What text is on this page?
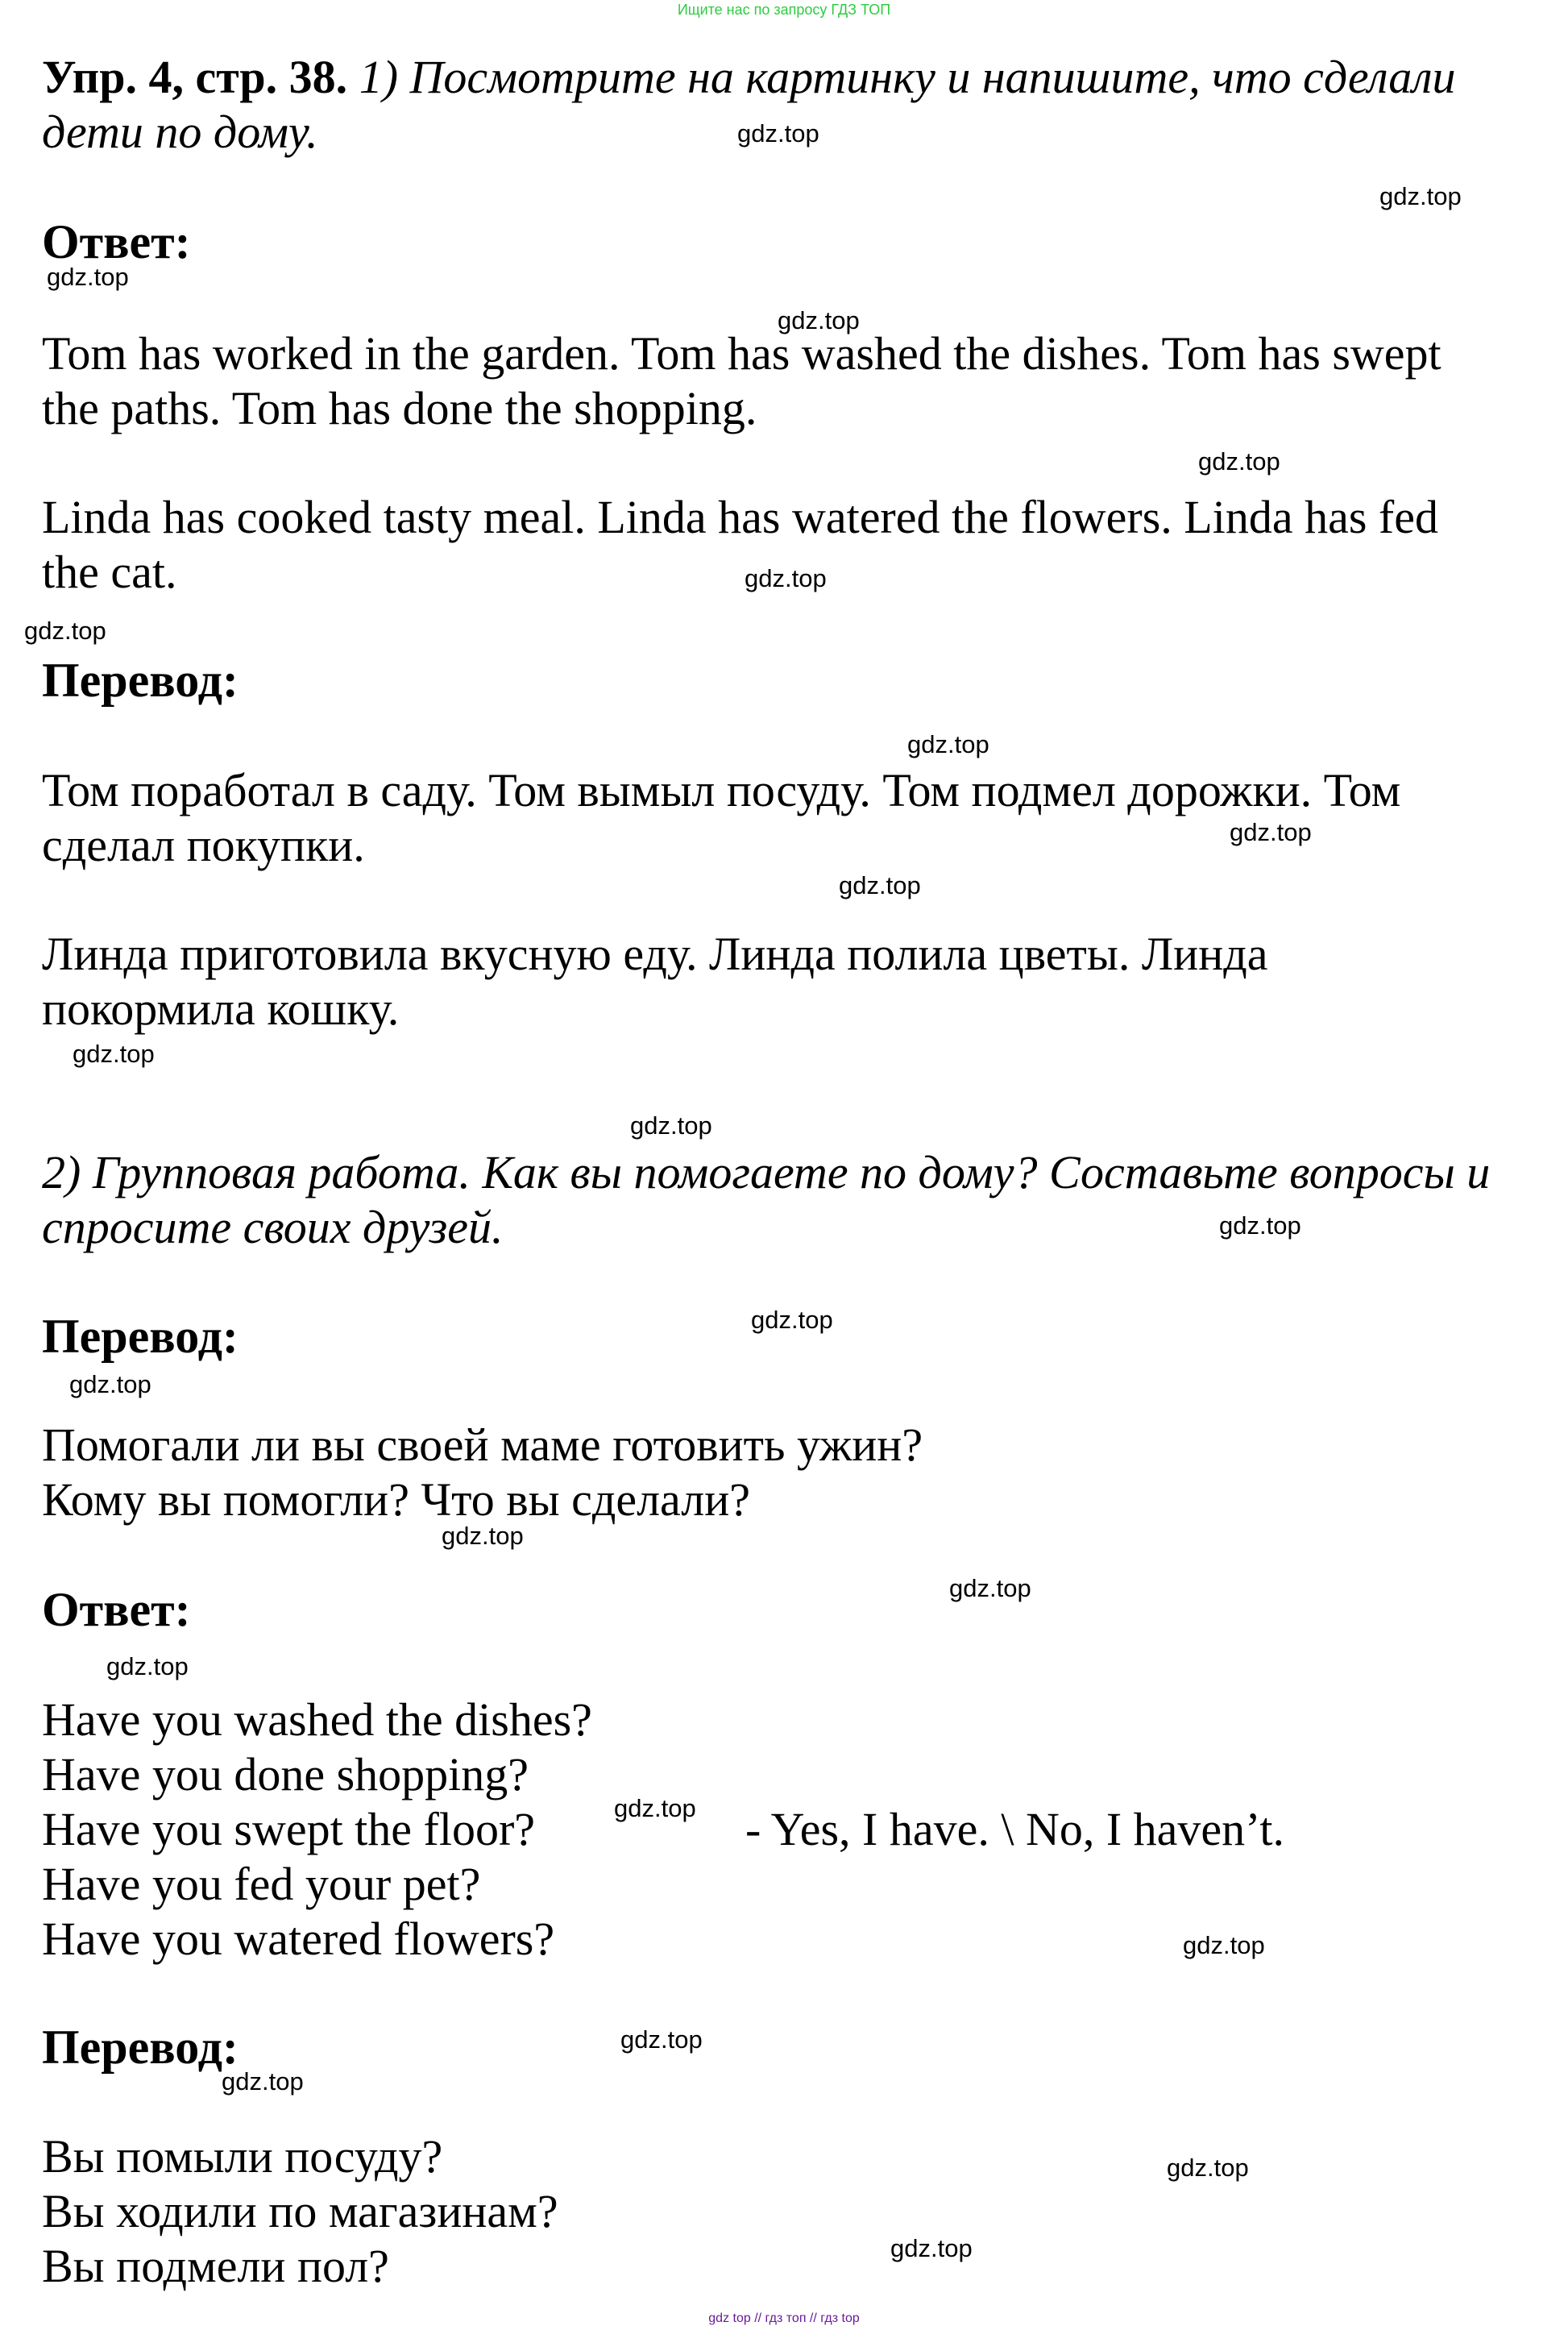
Ищите нас по запросу ГДЗ ТОП
Упр. 4, стр. 38. 1) Посмотрите на картинку и напишите, что сделали
дети по дому.
Ответ:
Tom has worked in the garden. Tom has washed the dishes. Tom has swept
the paths. Tom has done the shopping.
Linda has cooked tasty meal. Linda has watered the flowers. Linda has fed
the cat.
Перевод:
Том поработал в саду. Том вымыл посуду. Том подмел дорожки. Том
сделал покупки.
Линда приготовила вкусную еду. Линда полила цветы. Линда
покормила кошку.
2) Групповая работа. Как вы помогаете по дому? Составьте вопросы и
спросите своих друзей.
Перевод:
Помогали ли вы своей маме готовить ужин?
Кому вы помогли? Что вы сделали?
Ответ:
Have you washed the dishes?
Have you done shopping?
Have you swept the floor?
Have you fed your pet?
Have you watered flowers?
- Yes, I have. \ No, I haven’t.
Перевод:
Вы помыли посуду?
Вы ходили по магазинам?
Вы подмели пол?
gdz.top
gdz.top
gdz.top
gdz.top
gdz.top
gdz.top
gdz.top
gdz.top
gdz.top
gdz.top
gdz.top
gdz.top
gdz.top
gdz.top
gdz.top
gdz.top
gdz.top
gdz.top
gdz.top
gdz.top
gdz.top
gdz.top
gdz.top
gdz.top
gdz top // гдз топ // гдз top
